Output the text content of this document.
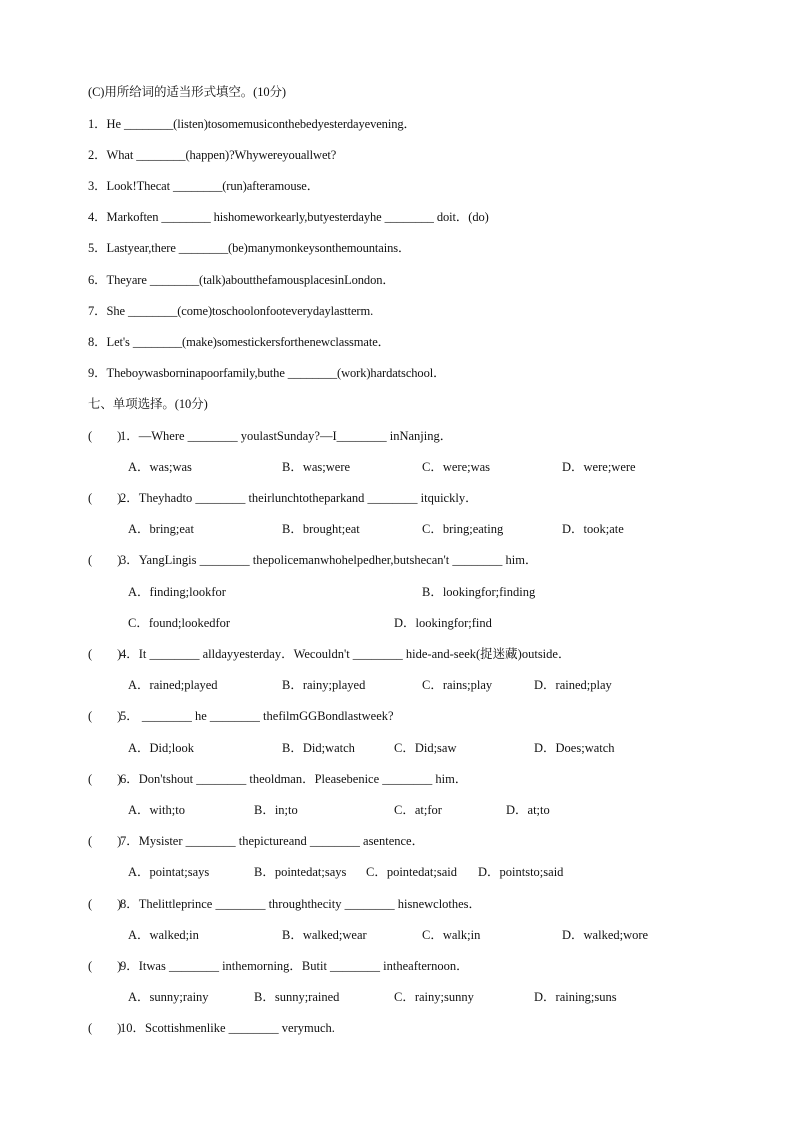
(C)用所给词的适当形式填空。(10分)
1．He ________(listen)tosomemusiconthebedyesterdayevening．
2．What ________(happen)?Whywereyouallwet?
3．Look!Thecat ________(run)afteramouse．
4．Markoften ________ hishomeworkearly,butyesterdayhe ________ doit．(do)
5．Lastyear,there ________(be)manymonkeysonthemountains．
6．Theyare ________(talk)aboutthefamousplacesinLondon．
7．She ________(come)toschoolonfooteverydaylastterm.
8．Let's ________(make)somestickersforthenewclassmate．
9．Theboywasborninapoorfamily,buthe ________(work)hardatschool．
七、单项选择。(10分)
(　　)
1．—Where ________ youlastSunday?—I________ inNanjing．
A．was;was	B．was;were	C．were;was	D．were;were
(　　)
2．Theyhadto ________ theirlunchtotheparkand ________ itquickly．
A．bring;eat	B．brought;eat	C．bring;eating	D．took;ate
(　　)
3．YangLingis ________ thepolicemanwhohelpedher,butshecan't ________ him．
A．finding;lookfor	B．lookingfor;finding
C．found;lookedfor	D．lookingfor;find
(　　)
4．It ________ alldayyesterday．Wecouldn't ________ hide-and-seek(捉迷藏)outside．
A．rained;played	B．rainy;played	C．rains;play	D．rained;play
(　　)
5． ________ he ________ thefilmGGBondlastweek?
A．Did;look	B．Did;watch	C．Did;saw	D．Does;watch
(　　)
6．Don'tshout ________ theoldman．Pleasebenice ________ him．
A．with;to	B．in;to	C．at;for	D．at;to
(　　)
7．Mysister ________ thepictureand ________ asentence．
A．pointat;says	B．pointedat;says C．pointedat;said D．pointsto;said
(　　)
8．Thelittleprince ________ throughthecity ________ hisnewclothes．
A．walked;in	B．walked;wear	C．walk;in	D．walked;wore
(　　)
9．Itwas ________ inthemorning．Butit ________ intheafternoon．
A．sunny;rainy	B．sunny;rained	C．rainy;sunny	D．raining;suns
(　　)
10．Scottishmenlike ________ verymuch.
